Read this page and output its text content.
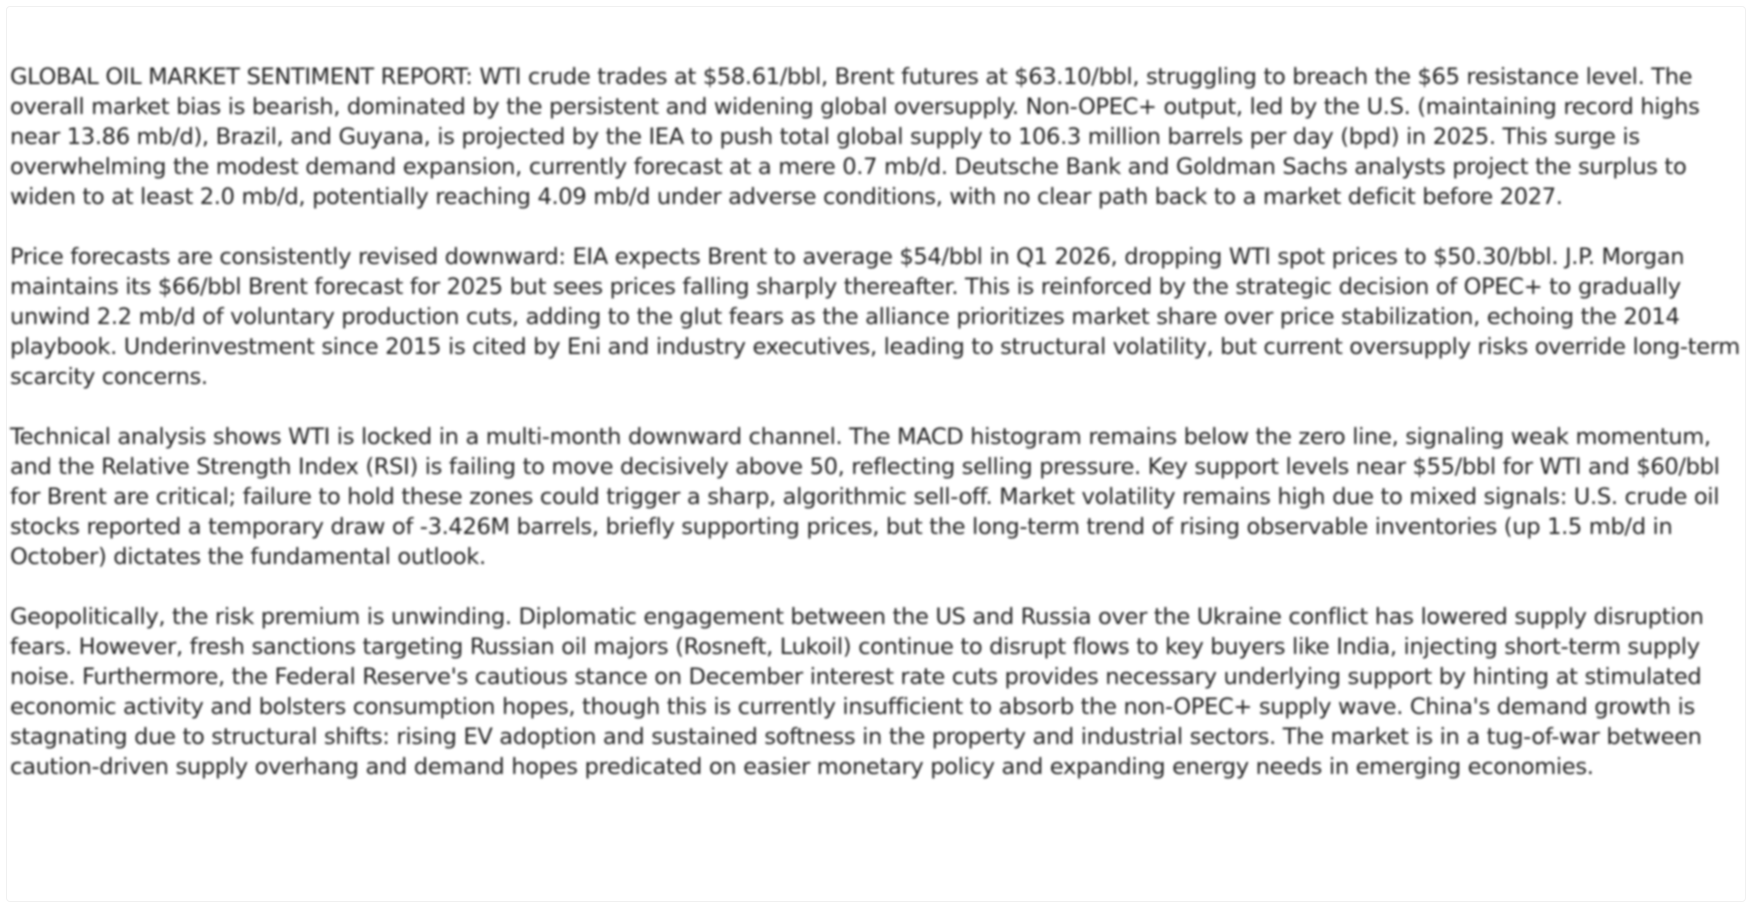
GLOBAL OIL MARKET SENTIMENT REPORT: WTI crude trades at $58.61/bbl, Brent futures at $63.10/bbl, struggling to breach the $65 resistance level. The overall market bias is bearish, dominated by the persistent and widening global oversupply. Non-OPEC+ output, led by the U.S. (maintaining record highs near 13.86 mb/d), Brazil, and Guyana, is projected by the IEA to push total global supply to 106.3 million barrels per day (bpd) in 2025. This surge is overwhelming the modest demand expansion, currently forecast at a mere 0.7 mb/d. Deutsche Bank and Goldman Sachs analysts project the surplus to widen to at least 2.0 mb/d, potentially reaching 4.09 mb/d under adverse conditions, with no clear path back to a market deficit before 2027.

Price forecasts are consistently revised downward: EIA expects Brent to average $54/bbl in Q1 2026, dropping WTI spot prices to $50.30/bbl. J.P. Morgan maintains its $66/bbl Brent forecast for 2025 but sees prices falling sharply thereafter. This is reinforced by the strategic decision of OPEC+ to gradually unwind 2.2 mb/d of voluntary production cuts, adding to the glut fears as the alliance prioritizes market share over price stabilization, echoing the 2014 playbook. Underinvestment since 2015 is cited by Eni and industry executives, leading to structural volatility, but current oversupply risks override long-term scarcity concerns.

Technical analysis shows WTI is locked in a multi-month downward channel. The MACD histogram remains below the zero line, signaling weak momentum, and the Relative Strength Index (RSI) is failing to move decisively above 50, reflecting selling pressure. Key support levels near $55/bbl for WTI and $60/bbl for Brent are critical; failure to hold these zones could trigger a sharp, algorithmic sell-off. Market volatility remains high due to mixed signals: U.S. crude oil stocks reported a temporary draw of -3.426M barrels, briefly supporting prices, but the long-term trend of rising observable inventories (up 1.5 mb/d in October) dictates the fundamental outlook.

Geopolitically, the risk premium is unwinding. Diplomatic engagement between the US and Russia over the Ukraine conflict has lowered supply disruption fears. However, fresh sanctions targeting Russian oil majors (Rosneft, Lukoil) continue to disrupt flows to key buyers like India, injecting short-term supply noise. Furthermore, the Federal Reserve's cautious stance on December interest rate cuts provides necessary underlying support by hinting at stimulated economic activity and bolsters consumption hopes, though this is currently insufficient to absorb the non-OPEC+ supply wave. China's demand growth is stagnating due to structural shifts: rising EV adoption and sustained softness in the property and industrial sectors. The market is in a tug-of-war between caution-driven supply overhang and demand hopes predicated on easier monetary policy and expanding energy needs in emerging economies.
